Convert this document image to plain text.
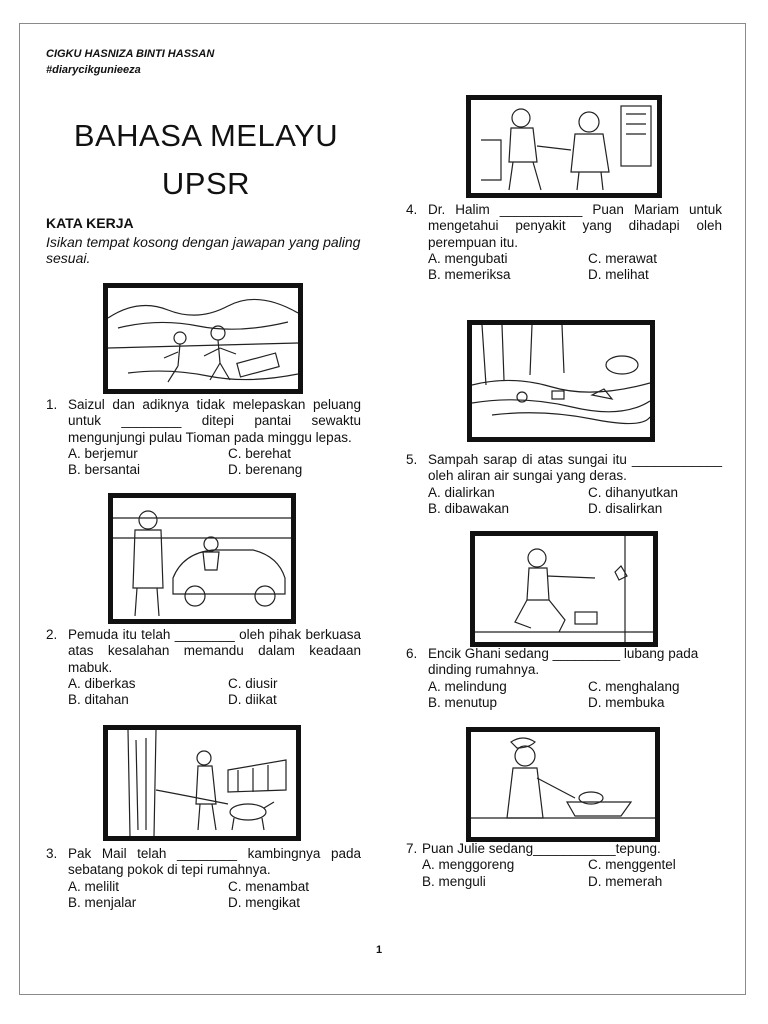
CIGKU HASNIZA BINTI HASSAN
#diarycikgunieeza
BAHASA MELAYU
UPSR
KATA KERJA
Isikan tempat kosong dengan jawapan yang paling sesuai.
1. Saizul dan adiknya tidak melepaskan peluang untuk ________ ditepi pantai sewaktu mengunjungi pulau Tioman pada minggu lepas.
A. berjemur	C. berehat
B. bersantai	D. berenang
2. Pemuda itu telah ________ oleh pihak berkuasa atas kesalahan memandu dalam keadaan mabuk.
A. diberkas	C. diusir
B. ditahan	D. diikat
3. Pak Mail telah ________ kambingnya pada sebatang pokok di tepi rumahnya.
A. melilit	C. menambat
B. menjalar	D. mengikat
4. Dr. Halim ___________ Puan Mariam untuk mengetahui penyakit yang dihadapi oleh perempuan itu.
A. mengubati	C. merawat
B. memeriksa	D. melihat
5. Sampah sarap di atas sungai itu ____________ oleh aliran air sungai yang deras.
A. dialirkan	C. dihanyutkan
B. dibawakan	D. disalirkan
6. Encik Ghani sedang _________ lubang pada dinding rumahnya.
A. melindung	C. menghalang
B. menutup	D. membuka
7. Puan Julie sedang___________tepung.
A. menggoreng	C. menggentel
B. menguli	D. memerah
1
